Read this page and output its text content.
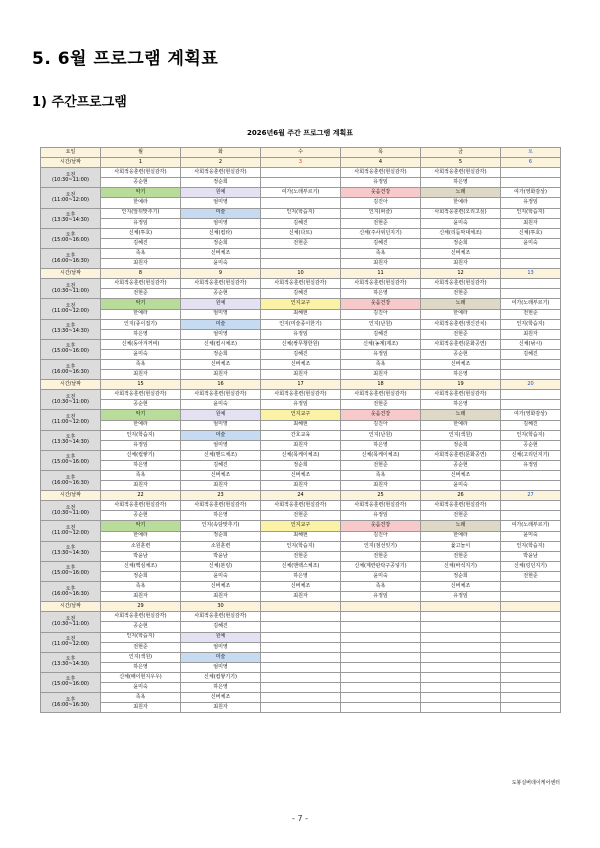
5. 6월 프로그램 계획표
1) 주간프로그램
2026년6월 주간 프로그램 계획표
요일	월	화	수	목	금	토
시간/날짜	1	2	3	4	5	6

오전
(10:30~11:00)	사회적응훈련(현실감각)	사회적응훈련(현실감각)		사회적응훈련(현실감각)	사회적응훈련(현실감각)	
	공순현	정순희		유정임	하은영	

오전
(11:00~12:00)	악기	원예	여가(노래부르기)	웃음건강	노래	여가(영화감상)
	한예라	엄미영		김진아	한예라	유정임

오후
(13:30~14:30)	인지(앞뒤맞추기)	미술	인지(학습지)	인지(퍼즐)	사회적응훈련(오리고싶)	인지(학습지)
	유정임	엄미영	김혜진	전현준	윤미숙	최원자

오후
(15:00~16:00)	신체(투호)	신체(컵타)	신체(다트)	신체(주사위던지기)	신체(리듬막대체조)	신체(투호)
	김혜진	정순희	전현준	김혜진	정순희	윤미숙

오후
(16:00~16:30)	족욕	신버체조		족욕	신버체조	
	최원자	윤미숙		최원자	최원자	
시간/날짜	8	9	10	11	12	13

오전
(10:30~11:00)	사회적응훈련(현실감각)	사회적응훈련(현실감각)	사회적응훈련(현실감각)	사회적응훈련(현실감각)	사회적응훈련(현실감각)	
	전현준	공순현	김혜진	하은영	전현준	

오전
(11:00~12:00)	악기	원예	인지교구	웃음건강	노래	여가(노래부르기)
	한예라	엄미영	최혜현	김진아	한예라	전현준

오후
(13:30~14:30)	인지(종이접기)	미술	인지(미술종이한기)	인지(난원)	사회적응훈련(생신잔치)	인지(학습지)
	하은영	엄미영	유정임	김혜진	전현준	최원자

오후
(15:00~16:00)	신체(동아겨꺼비)	신체(컵시체조)	신체(쌍무챙한원)	신체(농계)제조)	사회적응훈련(문화공연)	신체(낚시)
	윤미숙	정순희	김혜진	유정임	공순현	김혜진

오후
(16:00~16:30)	족욕	신버체조	신버체조	족욕	신버체조	
	최원자	최원자	최원자	최원자	하은영	
시간/날짜	15	16	17	18	19	20

오전
(10:30~11:00)	사회적응훈련(현실감각)	사회적응훈련(현실감각)	사회적응훈련(현실감각)	사회적응훈련(현실감각)	사회적응훈련(현실감각)	
	공순현	윤미숙	유정임	전현준	하은영	

오전
(11:00~12:00)	악기	원예	인지교구	웃음건강	노래	여가(영화감상)
	한예라	엄미영	최혜현	김진아	한예라	김혜진

오후
(13:30~14:30)	인지(학습지)	미술	간호교육	인지(난원)	인지(색원)	인지(학습지)
	유정임	엄미영	최원자	하은영	정순희	공순현

오후
(15:00~16:00)	신체(컵쌓기)	신체(맨드체조)	신체(목케이체조)	신체(목케이체조)	사회적응훈련(문화공연)	신체(고리던지기)
	하은영	김혜진	정순희	전현준	공순현	유정임

오후
(16:00~16:30)	족욕	신버체조	신버체조	족욕	신버체조	
	최원자	최원자	최원자	최원자	윤미숙	
시간/날짜	22	23	24	25	26	27

오전
(10:30~11:00)	사회적응훈련(현실감각)	사회적응훈련(현실감각)	사회적응훈련(현실감각)	사회적응훈련(현실감각)	사회적응훈련(현실감각)	
	공순현	하은영	전현준	유정임	전현준	

오전
(11:00~12:00)	악기	인지(속담맞추기)	인지교구	웃음건강	노래	여가(노래부르기)
	한예라	정순희	최혜현	김진아	한예라	윤미숙

오후
(13:30~14:30)	소원훈련	소원훈련	인지(학습지)	인지(점선잇기)	윷고놀이	인지(학습지)
	박윤남	박윤남	전현준	전현준	전현준	박윤남

오후
(15:00~16:00)	신체(핵심체조)	신체(본링)	신체(맨랙스체조)	신체(계란판탁구공넣기)	신체(바석지기)	신체(링던지기)
	정순희	윤미숙	하은영	윤미숙	정순희	전현준

오후
(16:00~16:30)	족욕	신버체조	신버체조	족욕	신버체조	
	최원자	최원자	최원자	유정임	유정임	
시간/날짜	29	30				

오전
(10:30~11:00)	사회적응훈련(현실감각)	사회적응훈련(현실감각)				
	공순현	김혜진				

오전
(11:00~12:00)	인지(학습지)	원예				
	전현준	엄미영				

오후
(13:30~14:30)	인지(색원)	미술				
	하은영	엄미영				

오후
(15:00~16:00)	신체(배이현지우우)	신체(컵쌓기기)				
	윤미숙	하은영				

오후
(16:00~16:30)	족욕	신버체조				
	최원자	최원자				
도봉실버데이케어센터
- 7 -
